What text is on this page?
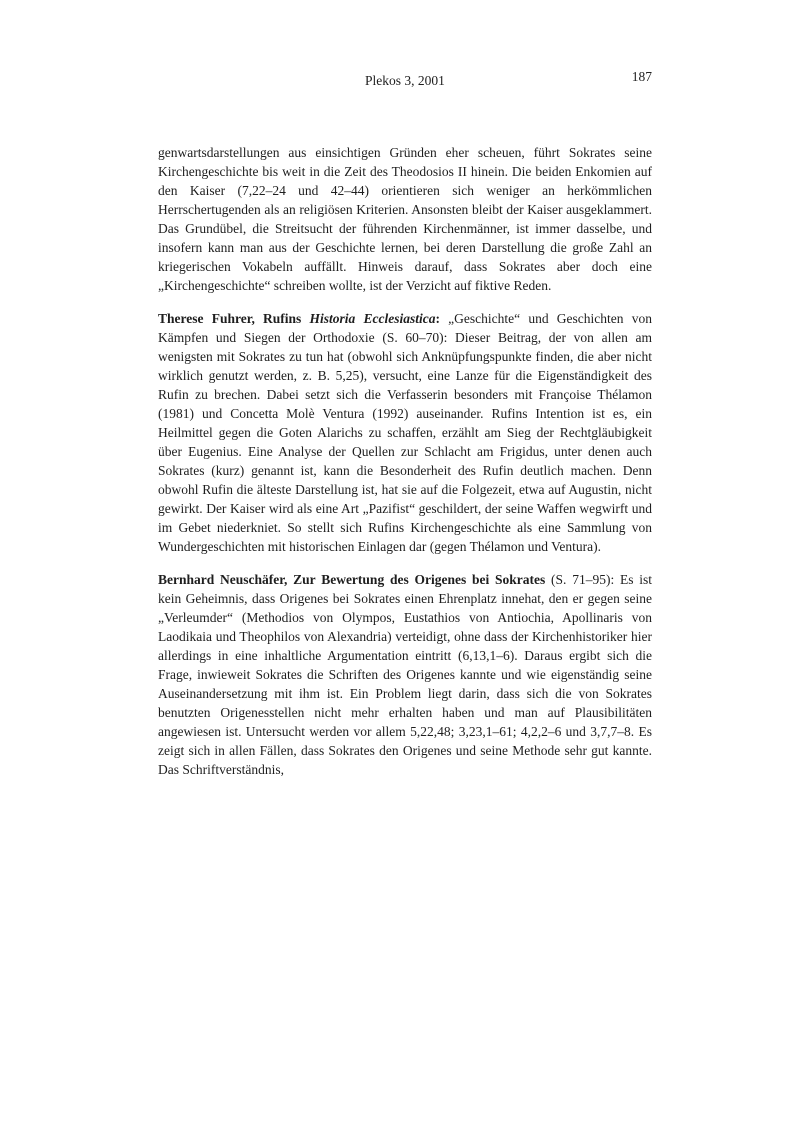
Plekos 3, 2001	187

genwartsdarstellungen aus einsichtigen Gründen eher scheuen, führt Sokrates seine Kirchengeschichte bis weit in die Zeit des Theodosios II hinein. Die beiden Enkomien auf den Kaiser (7,22–24 und 42–44) orientieren sich weniger an herkömmlichen Herrschertugenden als an religiösen Kriterien. Ansonsten bleibt der Kaiser ausgeklammert. Das Grundübel, die Streitsucht der führenden Kirchenmänner, ist immer dasselbe, und insofern kann man aus der Geschichte lernen, bei deren Darstellung die große Zahl an kriegerischen Vokabeln auffällt. Hinweis darauf, dass Sokrates aber doch eine „Kirchengeschichte“ schreiben wollte, ist der Verzicht auf fiktive Reden.

Therese Fuhrer, Rufins Historia Ecclesiastica: „Geschichte“ und Geschichten von Kämpfen und Siegen der Orthodoxie (S. 60–70): Dieser Beitrag, der von allen am wenigsten mit Sokrates zu tun hat (obwohl sich Anknüpfungspunkte finden, die aber nicht wirklich genutzt werden, z. B. 5,25), versucht, eine Lanze für die Eigenständigkeit des Rufin zu brechen. Dabei setzt sich die Verfasserin besonders mit Françoise Thélamon (1981) und Concetta Molè Ventura (1992) auseinander. Rufins Intention ist es, ein Heilmittel gegen die Goten Alarichs zu schaffen, erzählt am Sieg der Rechtgläubigkeit über Eugenius. Eine Analyse der Quellen zur Schlacht am Frigidus, unter denen auch Sokrates (kurz) genannt ist, kann die Besonderheit des Rufin deutlich machen. Denn obwohl Rufin die älteste Darstellung ist, hat sie auf die Folgezeit, etwa auf Augustin, nicht gewirkt. Der Kaiser wird als eine Art „Pazifist“ geschildert, der seine Waffen wegwirft und im Gebet niederkniet. So stellt sich Rufins Kirchengeschichte als eine Sammlung von Wundergeschichten mit historischen Einlagen dar (gegen Thélamon und Ventura).

Bernhard Neuschäfer, Zur Bewertung des Origenes bei Sokrates (S. 71–95): Es ist kein Geheimnis, dass Origenes bei Sokrates einen Ehrenplatz innehat, den er gegen seine „Verleumder“ (Methodios von Olympos, Eustathios von Antiochia, Apollinaris von Laodikaia und Theophilos von Alexandria) verteidigt, ohne dass der Kirchenhistoriker hier allerdings in eine inhaltliche Argumentation eintritt (6,13,1–6). Daraus ergibt sich die Frage, inwieweit Sokrates die Schriften des Origenes kannte und wie eigenständig seine Auseinandersetzung mit ihm ist. Ein Problem liegt darin, dass sich die von Sokrates benutzten Origenesstellen nicht mehr erhalten haben und man auf Plausibilitäten angewiesen ist. Untersucht werden vor allem 5,22,48; 3,23,1–61; 4,2,2–6 und 3,7,7–8. Es zeigt sich in allen Fällen, dass Sokrates den Origenes und seine Methode sehr gut kannte. Das Schriftverständnis,
